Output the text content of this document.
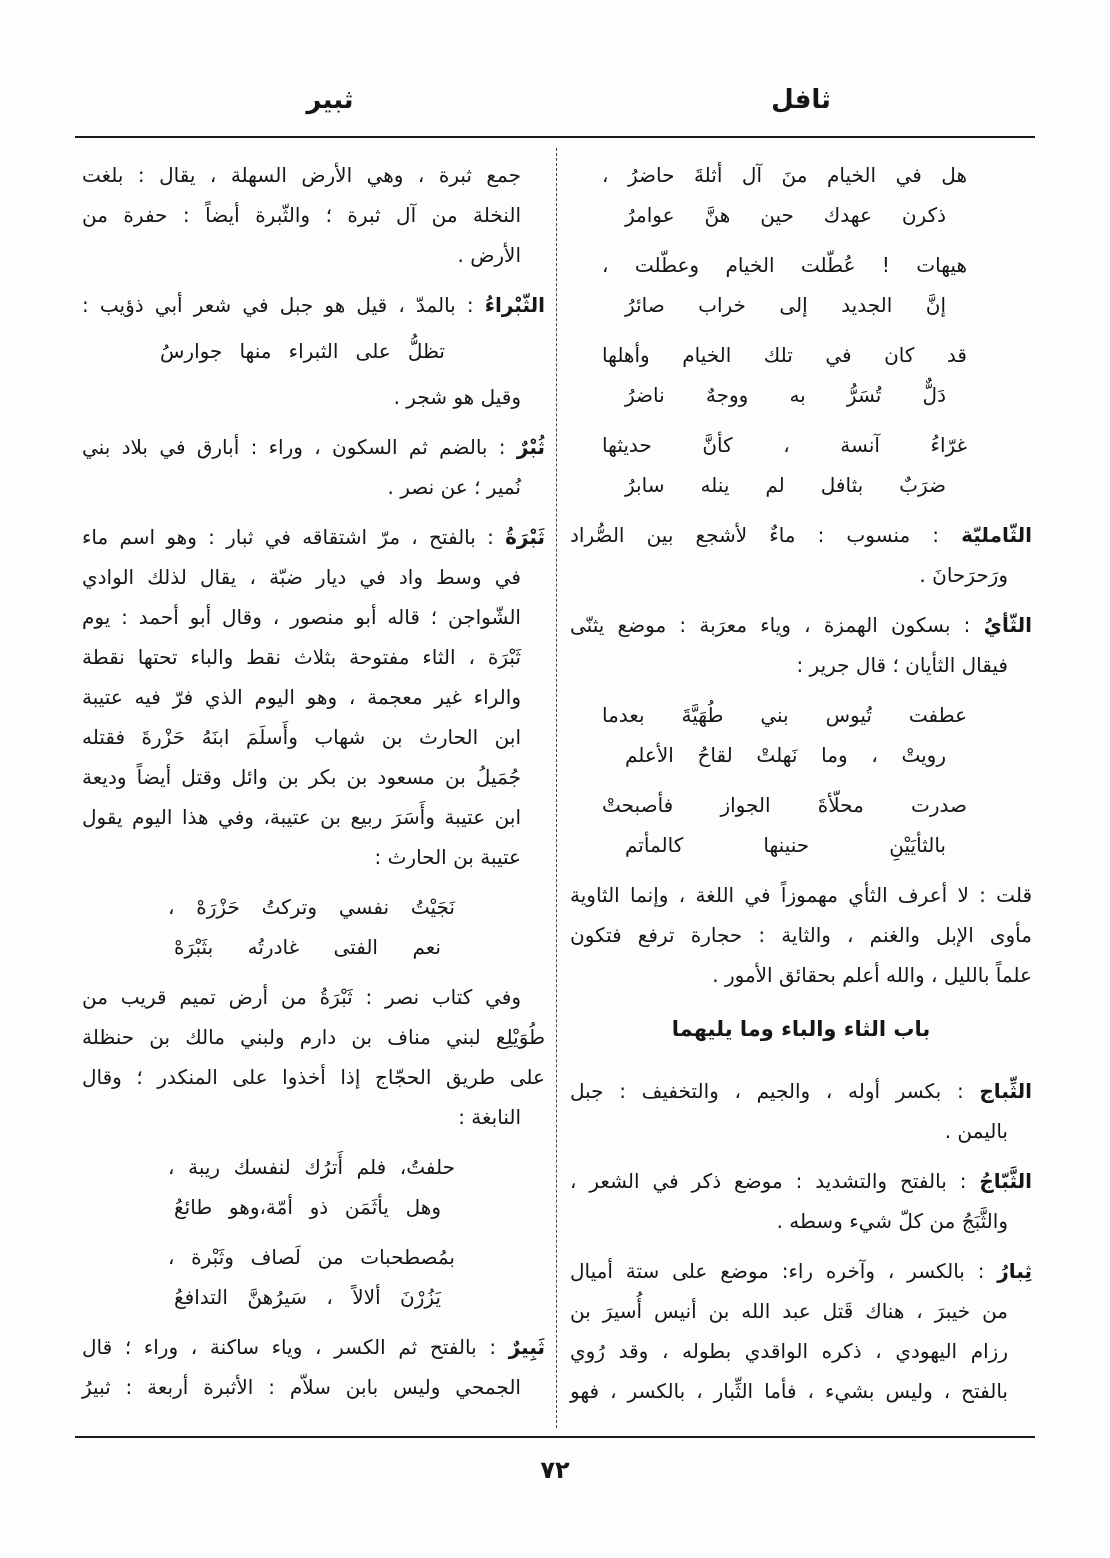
ثافل
ثبير
هل في الخيام منَ آل أثلةَ حاضرُ ،
ذكرن عهدك حين هنَّ عوامرُ
هيهات ! عُطّلت الخيام وعطّلت ،
إنَّ الجديد إلى خراب صائرُ
قد كان في تلك الخيام وأهلها
دَلٌّ تُسَرُّ به ووجهٌ ناضرُ
غرّاءُ آنسة ، كأنَّ حديثها
ضرَبٌ بثافل لم ينله سابرُ
الثّامليّة : منسوب : ماءٌ لأشجع بين الصُّراد
ورَحرَحانَ .
الثّأيُ : بسكون الهمزة ، وياء معرَبة : موضع يثنّى
فيقال الثأيان ؛ قال جرير :
عطفت تُيوس بني طُهَيَّةَ بعدما
رويتْ ، وما نَهلتْ لقاحُ الأعلم
صدرت محلّأةَ الجواز فأصبحتْ
بالثأيَيْنِ حنينها كالمأتم
قلت : لا أعرف الثأي مهموزاً في اللغة ، وإنما الثاوية
مأوى الإبل والغنم ، والثاية : حجارة ترفع فتكون
علماً بالليل ، والله أعلم بحقائق الأمور .
باب الثاء والباء وما يليهما
الثِّباج : بكسر أوله ، والجيم ، والتخفيف : جبل
باليمن .
الثَّبّاجُ : بالفتح والتشديد : موضع ذكر في الشعر ،
والثَّبَجُ من كلّ شيء وسطه .
ثِبارُ : بالكسر ، وآخره راء: موضع على ستة أميال
من خيبرَ ، هناك قَتل عبد الله بن أنيس أُسيرَ بن
رزام اليهودي ، ذكره الواقدي بطوله ، وقد رُوي
بالفتح ، وليس بشيء ، فأما الثِّبار ، بالكسر ، فهو
جمع ثبرة ، وهي الأرض السهلة ، يقال : بلغت
النخلة من آل ثبرة ؛ والثّبرة أيضاً : حفرة من
الأرض .
الثّبْراءُ : بالمدّ ، قيل هو جبل في شعر أبي ذؤيب :
تظلُّ على الثبراء منها جوارسُ
وقيل هو شجر .
ثُبْرٌ : بالضم ثم السكون ، وراء : أبارق في بلاد بني
نُمير ؛ عن نصر .
ثَبْرَةُ : بالفتح ، مرّ اشتقاقه في ثبار : وهو اسم ماء
في وسط واد في ديار ضبّة ، يقال لذلك الوادي
الشّواجن ؛ قاله أبو منصور ، وقال أبو أحمد : يوم
ثَبْرَة ، الثاء مفتوحة بثلاث نقط والباء تحتها نقطة
والراء غير معجمة ، وهو اليوم الذي فرّ فيه عتيبة
ابن الحارث بن شهاب وأَسلَمَ ابنَهُ حَزْرةَ فقتله
جُمَيلُ بن مسعود بن بكر بن وائل وقتل أيضاً وديعة
ابن عتيبة وأَسَرَ ربيع بن عتيبة، وفي هذا اليوم يقول
عتيبة بن الحارث :
نَجَيْتُ نفسي وتركتُ حَزْرَهْ ،
نعم الفتى غادرتُه بثَبْرَهْ
وفي كتاب نصر : ثَبْرَةُ من أرض تميم قريب من
طُوَيْلِع لبني مناف بن دارم ولبني مالك بن حنظلة
على طريق الحجّاج إذا أخذوا على المنكدر ؛ وقال
النابغة :
حلفتُ، فلم أَترُك لنفسك ريبة ،
وهل يأثَمَن ذو أمّة،وهو طائعُ
بمُصطحبات من لَصاف وثَبْرة ،
يَزُرْنَ ألالاً ، سَيرُهنَّ التدافعُ
ثَبِيرٌ : بالفتح ثم الكسر ، وياء ساكنة ، وراء ؛ قال
الجمحي وليس بابن سلاّم : الأثبرة أربعة : ثبيرُ
٧٢
